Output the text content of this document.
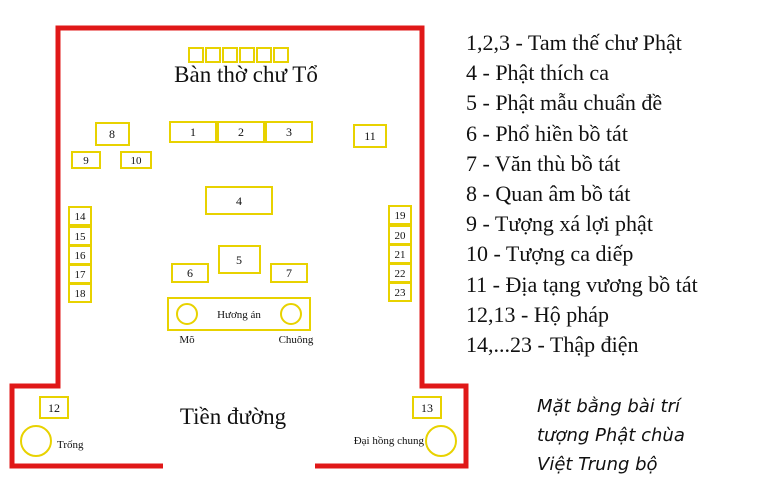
Bàn thờ chư Tổ
1	2	3
8
9	10
11
4
5
6	7
14
15
16
17
18
19
20
21
22
23
Hương án
Mõ	Chuông
Tiền đường
12
Trống
13
Đại hồng chung
1,2,3 - Tam thế chư Phật
4 - Phật thích ca
5 - Phật mẫu chuẩn đề
6 - Phổ hiền bồ tát
7 - Văn thù bồ tát
8 - Quan âm bồ tát
9 - Tượng xá lợi phật
10 - Tượng ca diếp
11 - Địa tạng vương bồ tát
12,13 - Hộ pháp
14,...23 - Thập điện
Mặt bằng bài trí
tượng Phật chùa
Việt Trung bộ
